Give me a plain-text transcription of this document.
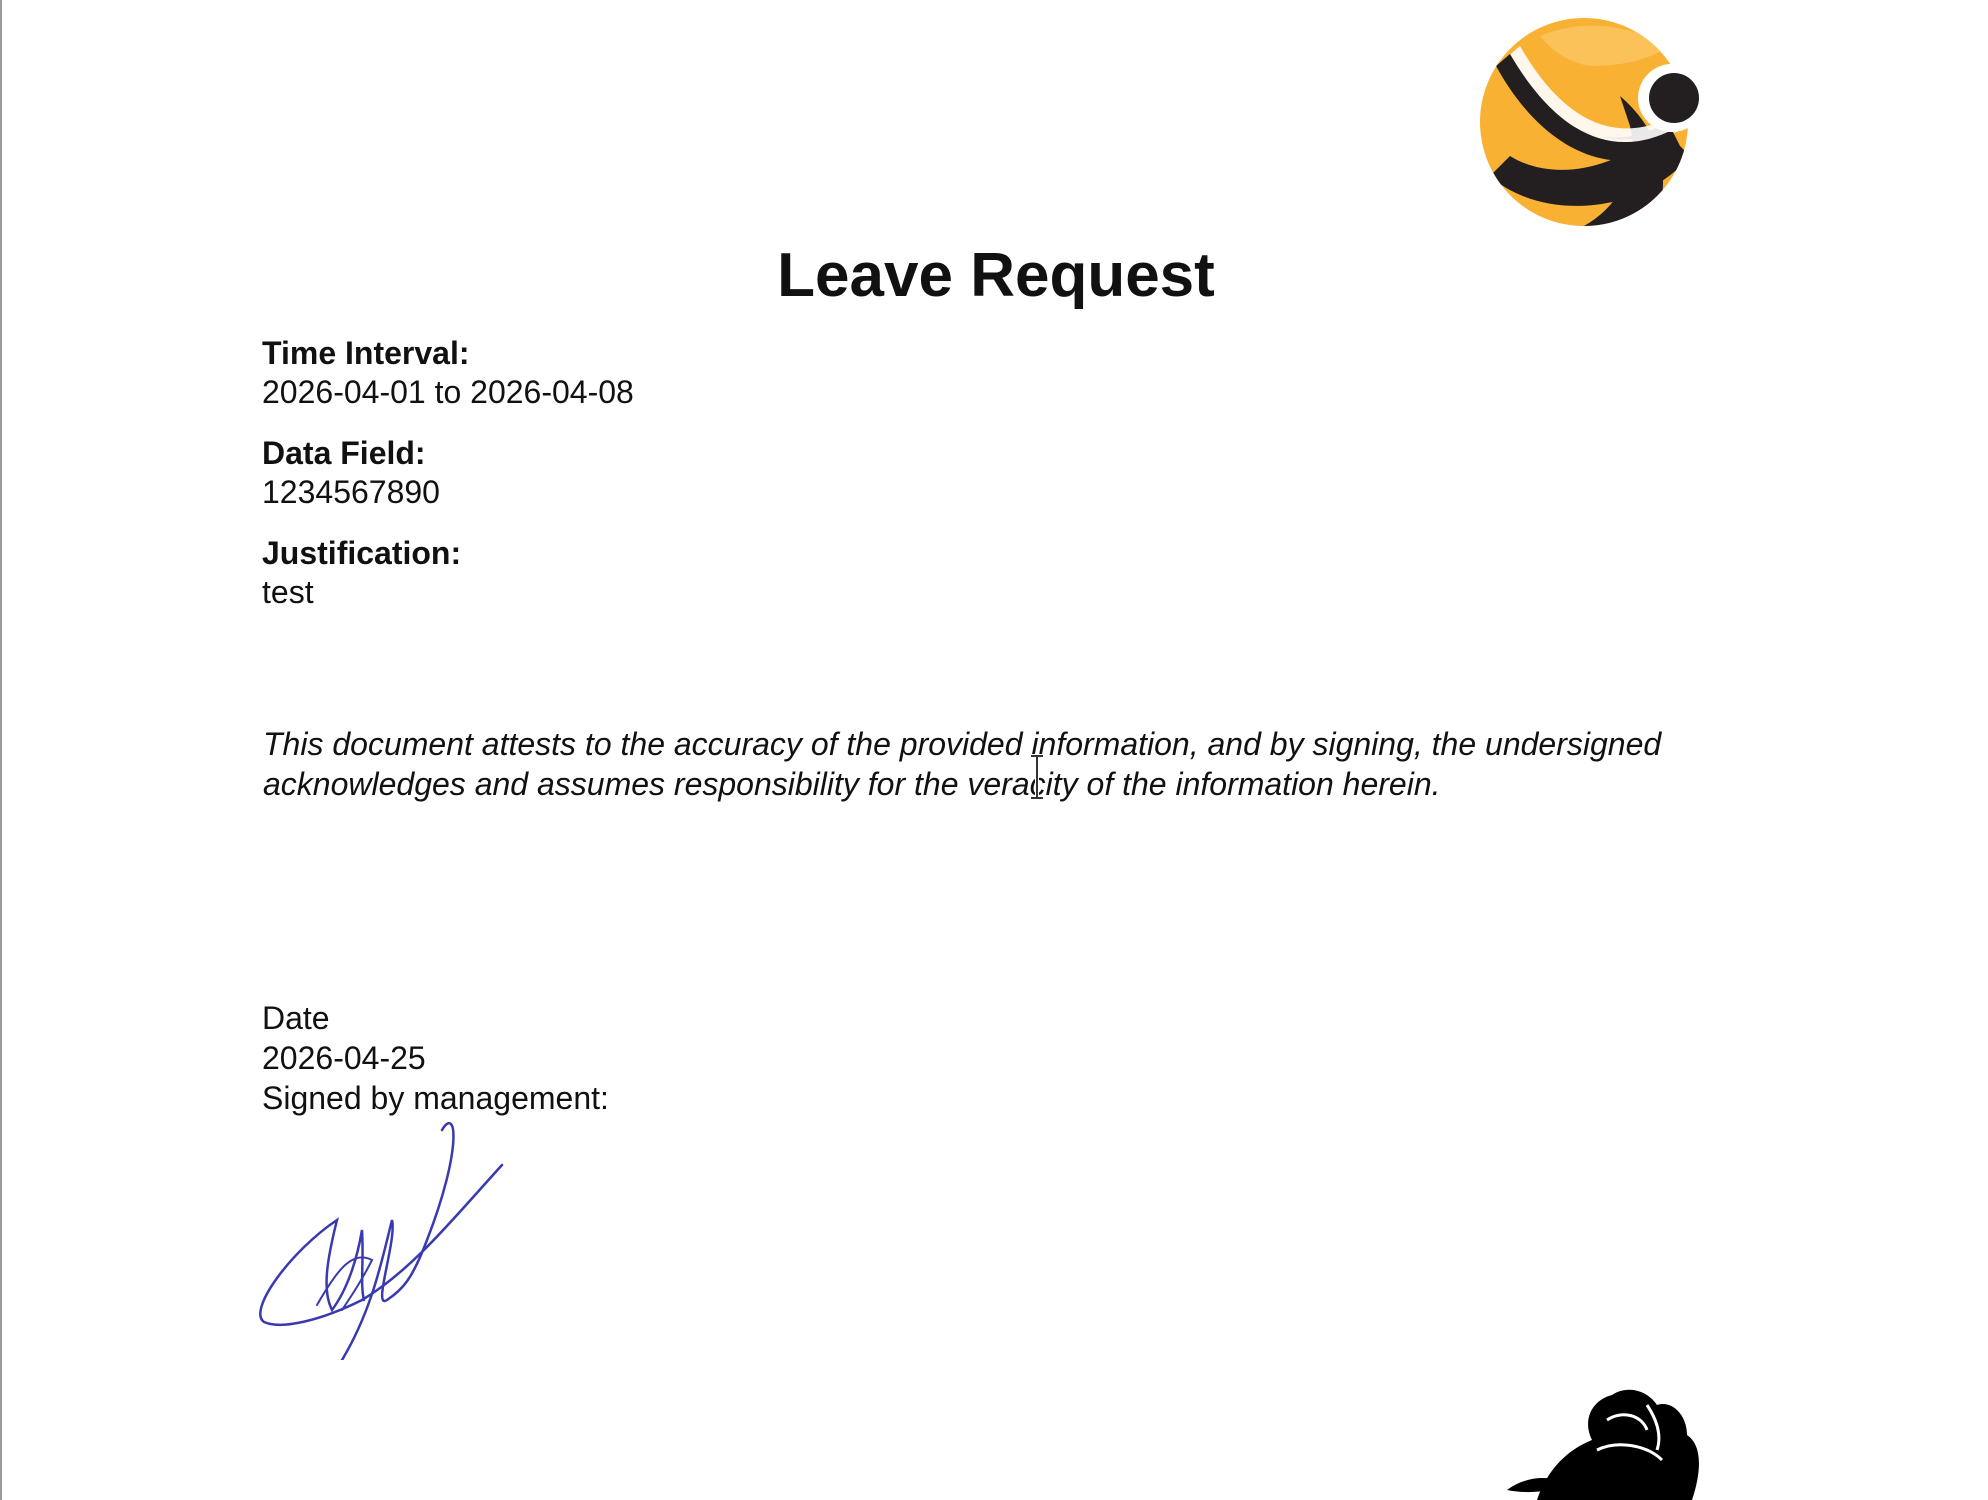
Leave Request
Time Interval:
2026-04-01 to 2026-04-08
Data Field:
1234567890
Justification:
test

This document attests to the accuracy of the provided information, and by signing, the undersigned acknowledges and assumes responsibility for the veracity of the information herein.

Date
2026-04-25
Signed by management:
